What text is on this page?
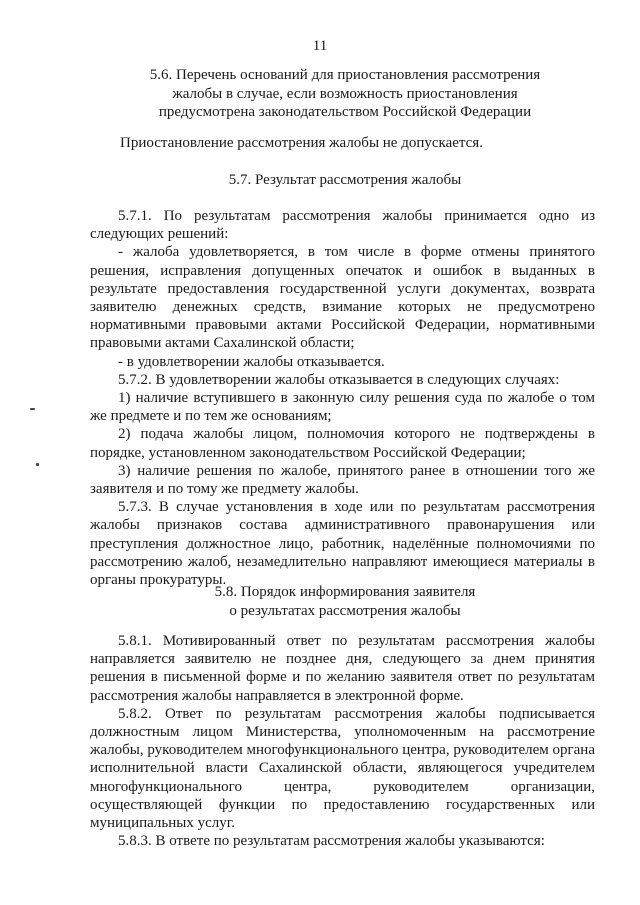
11
5.6. Перечень оснований для приостановления рассмотрения
жалобы в случае, если возможность приостановления
предусмотрена законодательством Российской Федерации

Приостановление рассмотрения жалобы не допускается.

5.7. Результат рассмотрения жалобы

5.7.1. По результатам рассмотрения жалобы принимается одно из следующих решений:

- жалоба удовлетворяется, в том числе в форме отмены принятого решения, исправления допущенных опечаток и ошибок в выданных в результате предоставления государственной услуги документах, возврата заявителю денежных средств, взимание которых не предусмотрено нормативными правовыми актами Российской Федерации, нормативными правовыми актами Сахалинской области;

- в удовлетворении жалобы отказывается.

5.7.2. В удовлетворении жалобы отказывается в следующих случаях:

1) наличие вступившего в законную силу решения суда по жалобе о том же предмете и по тем же основаниям;

2) подача жалобы лицом, полномочия которого не подтверждены в порядке, установленном законодательством Российской Федерации;

3) наличие решения по жалобе, принятого ранее в отношении того же заявителя и по тому же предмету жалобы.

5.7.3. В случае установления в ходе или по результатам рассмотрения жалобы признаков состава административного правонарушения или преступления должностное лицо, работник, наделённые полномочиями по рассмотрению жалоб, незамедлительно направляют имеющиеся материалы в органы прокуратуры.

5.8. Порядок информирования заявителя
о результатах рассмотрения жалобы

5.8.1. Мотивированный ответ по результатам рассмотрения жалобы направляется заявителю не позднее дня, следующего за днем принятия решения в письменной форме и по желанию заявителя ответ по результатам рассмотрения жалобы направляется в электронной форме.

5.8.2. Ответ по результатам рассмотрения жалобы подписывается должностным лицом Министерства, уполномоченным на рассмотрение жалобы, руководителем многофункционального центра, руководителем органа исполнительной власти Сахалинской области, являющегося учредителем многофункционального центра, руководителем организации, осуществляющей функции по предоставлению государственных или муниципальных услуг.

5.8.3. В ответе по результатам рассмотрения жалобы указываются:
